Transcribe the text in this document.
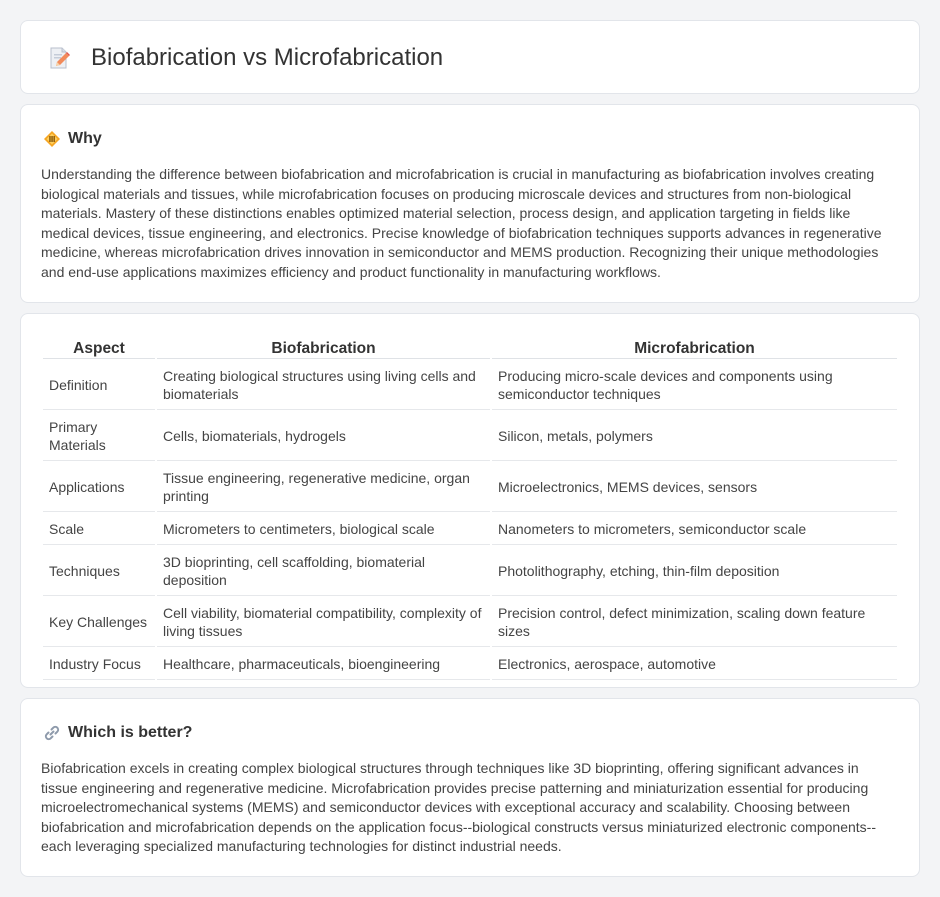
Biofabrication vs Microfabrication
Why

Understanding the difference between biofabrication and microfabrication is crucial in manufacturing as biofabrication involves creating biological materials and tissues, while microfabrication focuses on producing microscale devices and structures from non-biological materials. Mastery of these distinctions enables optimized material selection, process design, and application targeting in fields like medical devices, tissue engineering, and electronics. Precise knowledge of biofabrication techniques supports advances in regenerative medicine, whereas microfabrication drives innovation in semiconductor and MEMS production. Recognizing their unique methodologies and end-use applications maximizes efficiency and product functionality in manufacturing workflows.

Aspect	Biofabrication	Microfabrication
Definition	Creating biological structures using living cells and biomaterials	Producing micro-scale devices and components using semiconductor techniques
Primary Materials	Cells, biomaterials, hydrogels	Silicon, metals, polymers
Applications	Tissue engineering, regenerative medicine, organ printing	Microelectronics, MEMS devices, sensors
Scale	Micrometers to centimeters, biological scale	Nanometers to micrometers, semiconductor scale
Techniques	3D bioprinting, cell scaffolding, biomaterial deposition	Photolithography, etching, thin-film deposition
Key Challenges	Cell viability, biomaterial compatibility, complexity of living tissues	Precision control, defect minimization, scaling down feature sizes
Industry Focus	Healthcare, pharmaceuticals, bioengineering	Electronics, aerospace, automotive
Which is better?

Biofabrication excels in creating complex biological structures through techniques like 3D bioprinting, offering significant advances in tissue engineering and regenerative medicine. Microfabrication provides precise patterning and miniaturization essential for producing microelectromechanical systems (MEMS) and semiconductor devices with exceptional accuracy and scalability. Choosing between biofabrication and microfabrication depends on the application focus--biological constructs versus miniaturized electronic components--each leveraging specialized manufacturing technologies for distinct industrial needs.
